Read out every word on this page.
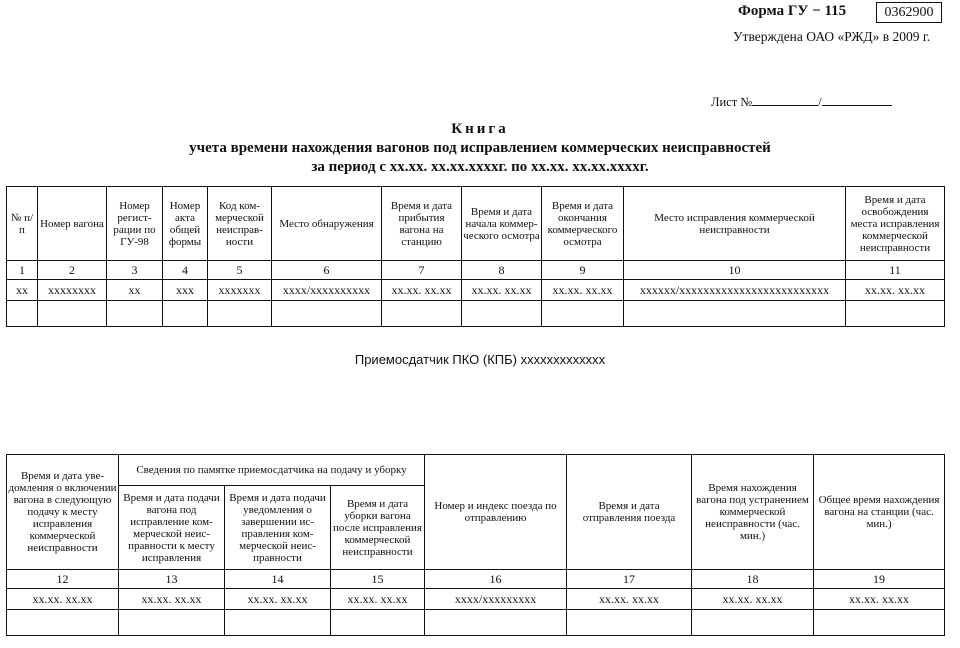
Форма ГУ − 115	0362900
Утверждена ОАО «РЖД» в 2009 г.
Лист №	/
Книга
учета времени нахождения вагонов под исправлением коммерческих неисправностей
за период с xx.xx. xx.xx.xxxxг. по xx.xx. xx.xx.xxxxг.
№ п/п	Номер вагона	Номер регистрации по ГУ-98	Номер акта общей формы	Код коммерческой неисправности	Место обнаружения	Время и дата прибытия вагона на станцию	Время и дата начала коммерческого осмотра	Время и дата окончания коммерческого осмотра	Место исправления коммерческой неисправности	Время и дата освобождения места исправления коммерческой неисправности
1	2	3	4	5	6	7	8	9	10	11
xx	xxxxxxxx	xx	xxx	xxxxxxx	xxxx/xxxxxxxxxx	xx.xx. xx.xx	xx.xx. xx.xx	xx.xx. xx.xx	xxxxxx/xxxxxxxxxxxxxxxxxxxxxxxxx	xx.xx. xx.xx

Приемосдатчик ПКО (КПБ) xxxxxxxxxxxxx
Время и дата уведомления о включении вагона в следующую подачу к месту исправления коммерческой неисправности	Сведения по памятке приемосдатчика на подачу и уборку			Номер и индекс поезда по отправлению	Время и дата отправления поезда	Время нахождения вагона под устранением коммерческой неисправности (час. мин.)	Общее время нахождения вагона на станции (час. мин.)
	Время и дата подачи вагона под исправление коммерческой неисправности к месту исправления	Время и дата подачи уведомления о завершении исправления коммерческой неисправности	Время и дата уборки вагона после исправления коммерческой неисправности				
12	13	14	15	16	17	18	19
xx.xx. xx.xx	xx.xx. xx.xx	xx.xx. xx.xx	xx.xx. xx.xx	xxxx/xxxxxxxxx	xx.xx. xx.xx	xx.xx. xx.xx	xx.xx. xx.xx
